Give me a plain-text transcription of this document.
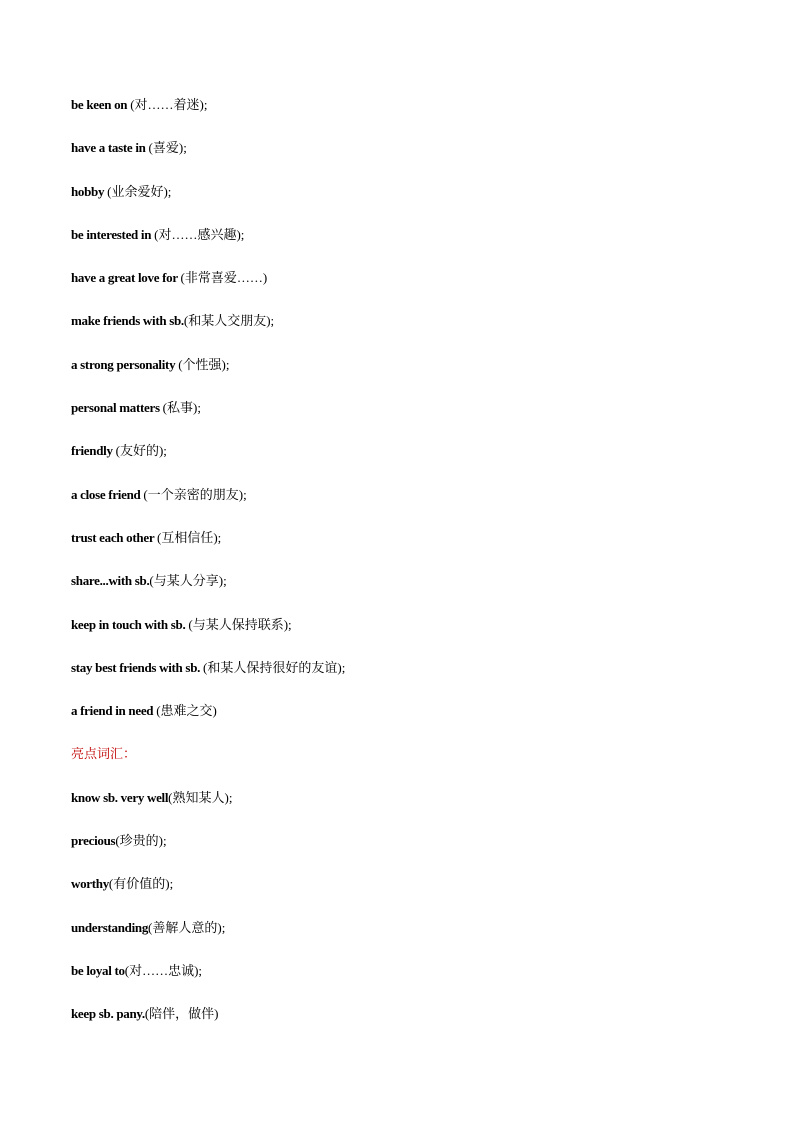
be keen on (对……着迷);
have a taste in (喜爱);
hobby (业余爱好);
be interested in (对……感兴趣);
have a great love for (非常喜爱……)
make friends with sb.(和某人交朋友);
a strong personality (个性强);
personal matters (私事);
friendly (友好的);
a close friend (一个亲密的朋友);
trust each other (互相信任);
share...with sb.(与某人分享);
keep in touch with sb. (与某人保持联系);
stay best friends with sb. (和某人保持很好的友谊);
a friend in need (患难之交)
亮点词汇：
know sb. very well(熟知某人);
precious(珍贵的);
worthy(有价值的);
understanding(善解人意的);
be loyal to(对……忠诚);
keep sb. pany.(陪伴，做伴)
